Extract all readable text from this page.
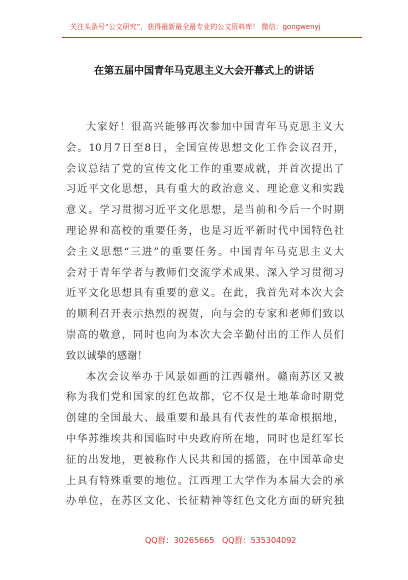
关注头条号“公文研究”，获得最新最全最专业的公文资料库！ 微信：gongwenyj
在第五届中国青年马克思主义大会开幕式上的讲话
大家好！很高兴能够再次参加中国青年马克思主义大
会。10月7日至8日，全国宣传思想文化工作会议召开，
会议总结了党的宣传文化工作的重要成就，并首次提出了
习近平文化思想，具有重大的政治意义、理论意义和实践
意义。学习贯彻习近平文化思想，是当前和今后一个时期
理论界和高校的重要任务，也是习近平新时代中国特色社
会主义思想“三进”的重要任务。中国青年马克思主义大
会对于青年学者与教师们交流学术成果、深入学习贯彻习
近平文化思想具有重要的意义。在此，我首先对本次大会
的顺利召开表示热烈的祝贺，向与会的专家和老师们致以
崇高的敬意，同时也向为本次大会辛勤付出的工作人员们
致以诚挚的感谢！
本次会议举办于风景如画的江西赣州。赣南苏区又被
称为我们党和国家的红色故都，它不仅是土地革命时期党
创建的全国最大、最重要和最具有代表性的革命根据地，
中华苏维埃共和国临时中央政府所在地，同时也是红军长
征的出发地，更被称作人民共和国的摇篮，在中国革命史
上具有特殊重要的地位。江西理工大学作为本届大会的承
办单位，在苏区文化、长征精神等红色文化方面的研究独
QQ群：30265665 QQ群：535304092
